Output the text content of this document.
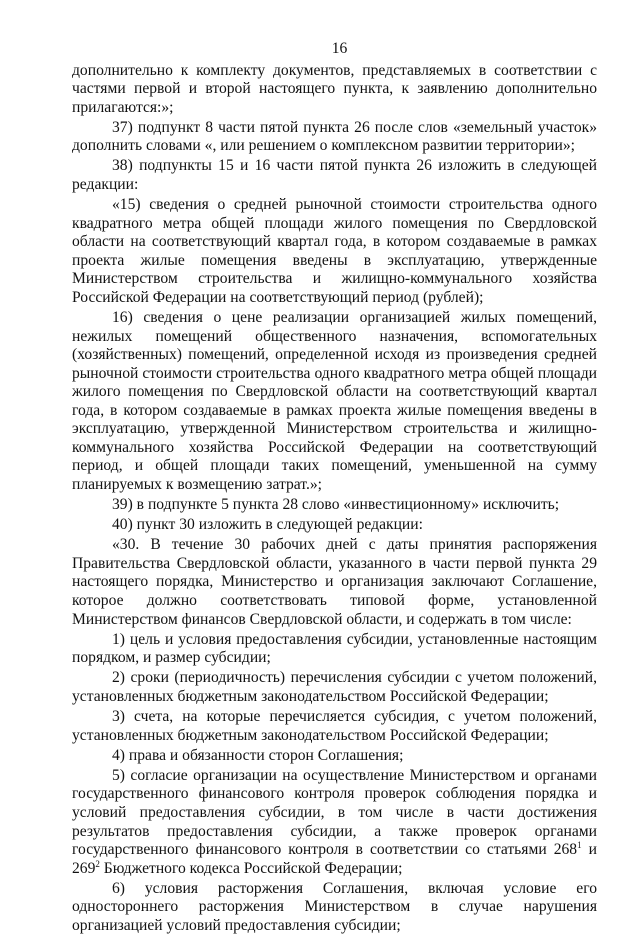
16

дополнительно к комплекту документов, представляемых в соответствии с частями первой и второй настоящего пункта, к заявлению дополнительно прилагаются:»;

37) подпункт 8 части пятой пункта 26 после слов «земельный участок» дополнить словами «, или решением о комплексном развитии территории»;

38) подпункты 15 и 16 части пятой пункта 26 изложить в следующей редакции:

«15) сведения о средней рыночной стоимости строительства одного квадратного метра общей площади жилого помещения по Свердловской области на соответствующий квартал года, в котором создаваемые в рамках проекта жилые помещения введены в эксплуатацию, утвержденные Министерством строительства и жилищно-коммунального хозяйства Российской Федерации на соответствующий период (рублей);

16) сведения о цене реализации организацией жилых помещений, нежилых помещений общественного назначения, вспомогательных (хозяйственных) помещений, определенной исходя из произведения средней рыночной стоимости строительства одного квадратного метра общей площади жилого помещения по Свердловской области на соответствующий квартал года, в котором создаваемые в рамках проекта жилые помещения введены в эксплуатацию, утвержденной Министерством строительства и жилищно-коммунального хозяйства Российской Федерации на соответствующий период, и общей площади таких помещений, уменьшенной на сумму планируемых к возмещению затрат.»;

39) в подпункте 5 пункта 28 слово «инвестиционному» исключить;

40) пункт 30 изложить в следующей редакции:

«30. В течение 30 рабочих дней с даты принятия распоряжения Правительства Свердловской области, указанного в части первой пункта 29 настоящего порядка, Министерство и организация заключают Соглашение, которое должно соответствовать типовой форме, установленной Министерством финансов Свердловской области, и содержать в том числе:

1) цель и условия предоставления субсидии, установленные настоящим порядком, и размер субсидии;

2) сроки (периодичность) перечисления субсидии с учетом положений, установленных бюджетным законодательством Российской Федерации;

3) счета, на которые перечисляется субсидия, с учетом положений, установленных бюджетным законодательством Российской Федерации;

4) права и обязанности сторон Соглашения;

5) согласие организации на осуществление Министерством и органами государственного финансового контроля проверок соблюдения порядка и условий предоставления субсидии, в том числе в части достижения результатов предоставления субсидии, а также проверок органами государственного финансового контроля в соответствии со статьями $268^1$ и $269^2$ Бюджетного кодекса Российской Федерации;

6) условия расторжения Соглашения, включая условие его одностороннего расторжения Министерством в случае нарушения организацией условий предоставления субсидии;
